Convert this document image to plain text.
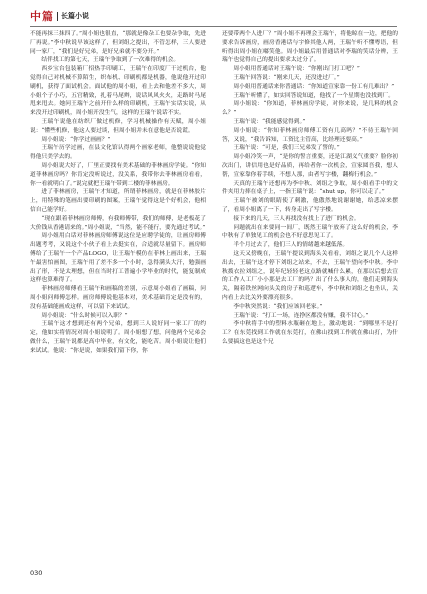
中篇 长篇小说

不能再抹三抹四了。”周小姐也很直，“那就是像杂工也要杂争取，先进厂再说。”李中秋说早该这样了，但刘组之提出，不管怎样，三人要进同一家厂，“我们是好兄弟，是好兄弟就不要分开。”

结伴找工的第七天，王瑞午争取到了一次难得的机会。

西乡宝台包装箱厂招热手印刷工，王瑞午在印度厂干过机台，他觉得自己对机械不算陌生，织布机、印刷机都是机器，他说他开过印刷机，获得了面试机会。面试他的周小姐，看上去和他差不多大，周小姐个子小巧，五官精致，扎着马尾辫，说话风风火火，走路时马尾甩来甩去。她问王瑞午之前开什么样的印刷机，王瑞午实话实说，从来没开过印刷机，周小姐开没生气，这样的王瑞午说话不实。

王瑞午说他在纺织厂做过机修，学习机械操作有天赋，周小姐说：“懂些机修，他这人要过谈，但周小姐并未在意他是否说谎。

周小姐说：“你学过画画？”

王瑞午历学过画，在县文化馆认得两个画家老师，他整说说他觉得他只美学去的。

周小姐说大好了，厂里正要找有美术基础的菲林画房学徒。“你知道菲林画房吗？你肯定没听说过，没关系，我带你去菲林画房看看，你一看就明白了。”说完就把王瑞午带到二楼的菲林画房。

进了菲林画房，王瑞午才知道，所谓菲林画房，就是在菲林胶片上，用特殊的笔画出要印刷的图案，王瑞午觉得这是个好机会，他相信自己能学好。

“现在跟着菲林画房师傅，有我师傅带，我们的师傅，是老板花了大价钱从香港请来的。”周小姐说，“当然，能不能行，要先通过考试。”

周小姐用白话对菲林画房师傅说这位是应聘学徒的，让画房师傅出题考考，又说这个小伙子看上去挺实在，合适就尽量留下。画房师傅给了王瑞午一个产品LOGO，让王瑞午模仿在菲林上画出来，王瑞午最害怕画图，王瑞午用了差不多一个小时，急得满头大汗，勉强画出了形，不是太理想，但在当时打工普遍小学毕业的时代，能复制成这样也算难得了。

菲林画房师傅看王瑞午和画稿的差别，示意周小姐看了画稿，问周小姐问师傅怎样。画房师傅说他基本对，美术基础肯定是没有的，没有基础能画成这样，可以留下来试试。

周小姐说：“什么时候可以入职？”

王瑞午这才想到还有两个兄弟，想到三人说好同一家工厂的约定，他如实将情况对周小姐说明了。周小姐想了想，问他两个兄弟会做什么，王瑞午说都是高中毕业，有文化，能吃苦。周小姐说让他们来试试。他说：“你是说，如果我们留下你，你

还要带两个人进厂？”周小姐不再理会王瑞午，将他晾在一边，把他的要求告诉画房，画房香港话与宇修其他人两，王瑞午听不懂粤语，但听得出周小姐在嘟笑他。周小姐最后用普通话对李瑞的笑话分辨，王瑞午也觉得自己的提出要求太过分了。

周小姐用普通话对王瑞午说：“你刚出门打工吧？”

王瑞午回答说：“刚来几天，还没进过厂。”

周小姐用普通话来你普通话：“你知道宣家靠一份工有几难出？”

王瑞午听懂了，如实回答说知道，他找了一个星期也没找到厂。

周小姐说：“你知道，菲林画房学徒，对你来说，是几料的机会么？”

王瑞午说：“我能感觉得到。”

周小姐说：“你知菲林画房师傅工资有几高吗？”不待王瑞午回答，又说，“我告诉知，工资比主管高，比经理还要高。”

王瑞午说：“可是，我们三兄弟发了誓的。”

周小姐冷笑一声，“是你的誓言重要，还是江湖义气重要？脸你初次出门，讲信用也是好品质，再给者你一次机会，宣家圆吾我，想人帮，宣家靠你着手续，不想人那，由者写字楼，翻梅行机会。”

天真的王瑞午还想再为李中秋、刘组之争取，周小姐看手中的文件夹用力摔在桌子上，一指王瑞午说：“shut up，你可以走了。”

王瑞午被刘的眼睛使了刺激，他傲然地说谢谢她，给悲凉来摆了，看周小姐离了一下，转身走出了写字楼。

接下来的几天，三人再找没有找上了进厂的机会。

问题就出在来要同一间厂，既然王瑞午放弃了这么好的机会，李中秋有了单独见工的机会也不好意思见工了。

半个月过去了，他们三人的情绪越来越低落。

这天又傍晚在，王瑞午提议到海头关看看，刘组之说几个人这样出去，王瑞午这才停下刘组之站来，不去，王瑞午望向李中秋。李中秋拨衣拉刘组之，说年纪轻轻老这点路就喊什么累，在那以后想去宣的工作人工厂小小那是去工厂的吗？出了什么事人的，他们走到海头关，隔着铁丝网向头关的房子和巡逻车，李中秋和刘组之也坐认，关内看上去比关外要漂亮很多。

李中秋突然说：“我们应该回老家。”

王瑞午说：“打工一场，连挣区都没有赚，我不甘心。”

李中秋将手中的塑料水瓶砸在地上，激动地说：“到哪里不是打工？在东莞找到工作就在东莞打，在佛山找到工作就在佛山打，为什么要搞这也是这个兄

030
